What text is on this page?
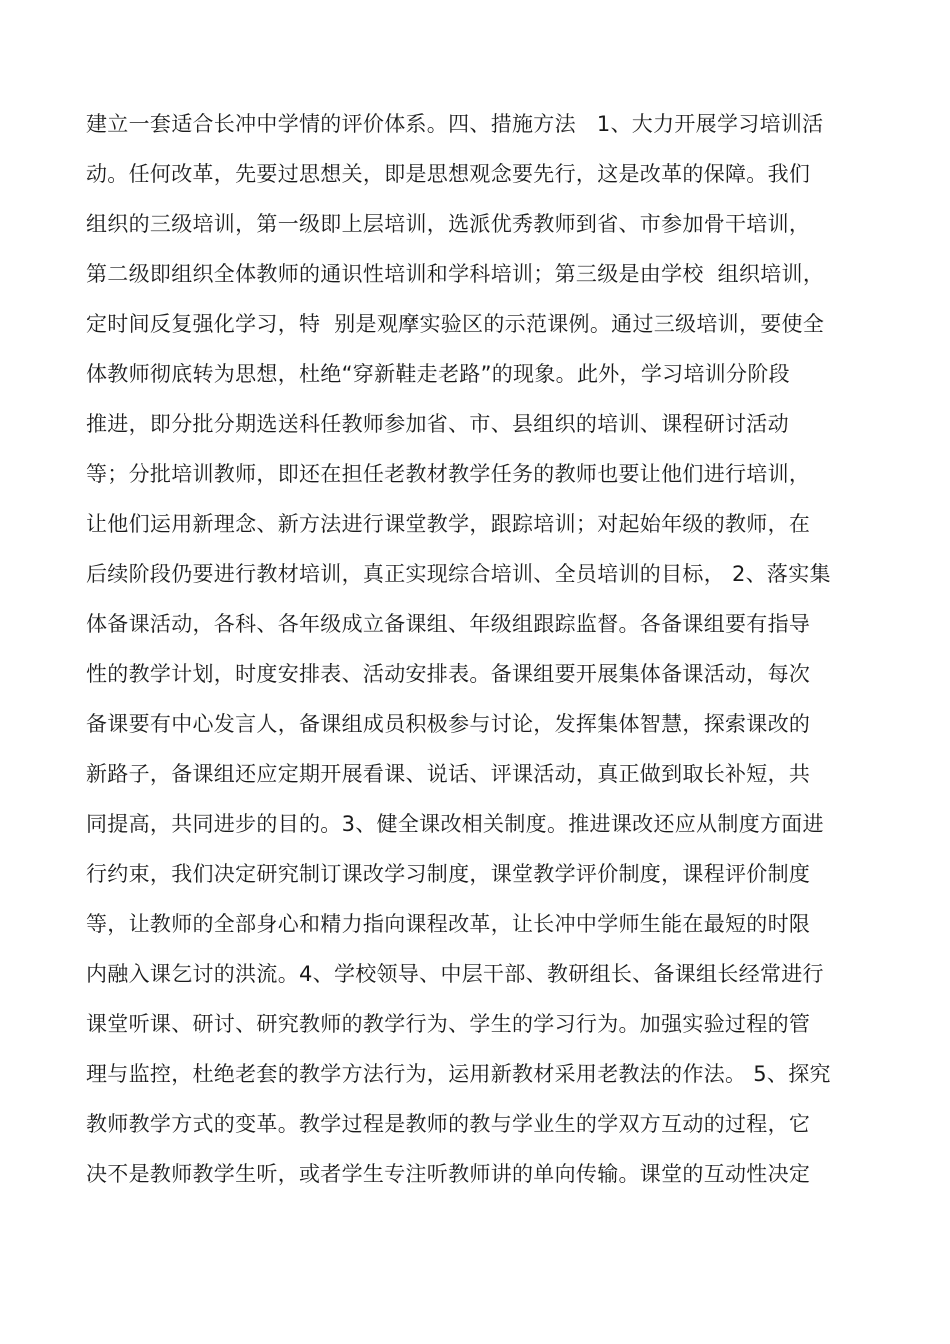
建立一套适合长冲中学情的评价体系。四、措施方法   1、大力开展学习培训活
动。任何改革，先要过思想关，即是思想观念要先行，这是改革的保障。我们
组织的三级培训，第一级即上层培训，选派优秀教师到省、市参加骨干培训，
第二级即组织全体教师的通识性培训和学科培训；第三级是由学校  组织培训，
定时间反复强化学习，特  别是观摩实验区的示范课例。通过三级培训，要使全
体教师彻底转为思想，杜绝“穿新鞋走老路”的现象。此外，学习培训分阶段
推进，即分批分期选送科任教师参加省、市、县组织的培训、课程研讨活动
等；分批培训教师，即还在担任老教材教学任务的教师也要让他们进行培训，
让他们运用新理念、新方法进行课堂教学，跟踪培训；对起始年级的教师，在
后续阶段仍要进行教材培训，真正实现综合培训、全员培训的目标， 2、落实集
体备课活动，各科、各年级成立备课组、年级组跟踪监督。各备课组要有指导
性的教学计划，时度安排表、活动安排表。备课组要开展集体备课活动，每次
备课要有中心发言人，备课组成员积极参与讨论，发挥集体智慧，探索课改的
新路子，备课组还应定期开展看课、说话、评课活动，真正做到取长补短，共
同提高，共同进步的目的。3、健全课改相关制度。推进课改还应从制度方面进
行约束，我们决定研究制订课改学习制度，课堂教学评价制度，课程评价制度
等，让教师的全部身心和精力指向课程改革，让长冲中学师生能在最短的时限
内融入课乞讨的洪流。4、学校领导、中层干部、教研组长、备课组长经常进行
课堂听课、研讨、研究教师的教学行为、学生的学习行为。加强实验过程的管
理与监控，杜绝老套的教学方法行为，运用新教材采用老教法的作法。 5、探究
教师教学方式的变革。教学过程是教师的教与学业生的学双方互动的过程，它
决不是教师教学生听，或者学生专注听教师讲的单向传输。课堂的互动性决定
